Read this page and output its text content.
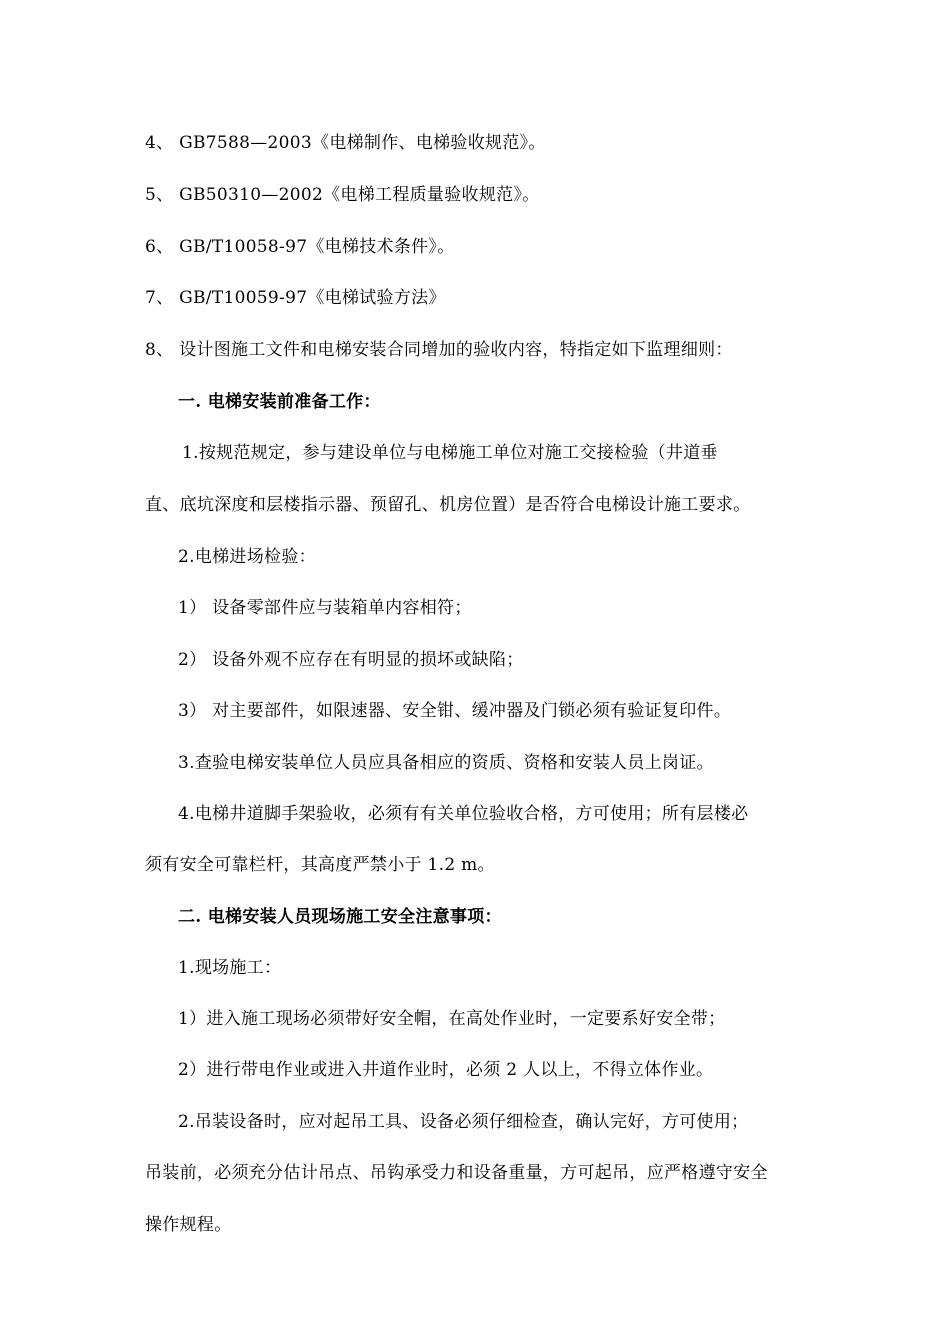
4、 GB7588—2003《电梯制作、电梯验收规范》。
5、 GB50310—2002《电梯工程质量验收规范》。
6、 GB/T10058-97《电梯技术条件》。
7、 GB/T10059-97《电梯试验方法》
8、 设计图施工文件和电梯安装合同增加的验收内容，特指定如下监理细则：
一. 电梯安装前准备工作：
1.按规范规定，参与建设单位与电梯施工单位对施工交接检验（井道垂
直、底坑深度和层楼指示器、预留孔、机房位置）是否符合电梯设计施工要求。
2.电梯进场检验：
1） 设备零部件应与装箱单内容相符；
2） 设备外观不应存在有明显的损坏或缺陷；
3） 对主要部件，如限速器、安全钳、缓冲器及门锁必须有验证复印件。
3.查验电梯安装单位人员应具备相应的资质、资格和安装人员上岗证。
4.电梯井道脚手架验收，必须有有关单位验收合格，方可使用；所有层楼必
须有安全可靠栏杆，其高度严禁小于 1.2 m。
二. 电梯安装人员现场施工安全注意事项：
1.现场施工：
1）进入施工现场必须带好安全帽，在高处作业时，一定要系好安全带；
2）进行带电作业或进入井道作业时，必须 2 人以上，不得立体作业。
2.吊装设备时，应对起吊工具、设备必须仔细检查，确认完好，方可使用；
吊装前，必须充分估计吊点、吊钩承受力和设备重量，方可起吊，应严格遵守安全
操作规程。
